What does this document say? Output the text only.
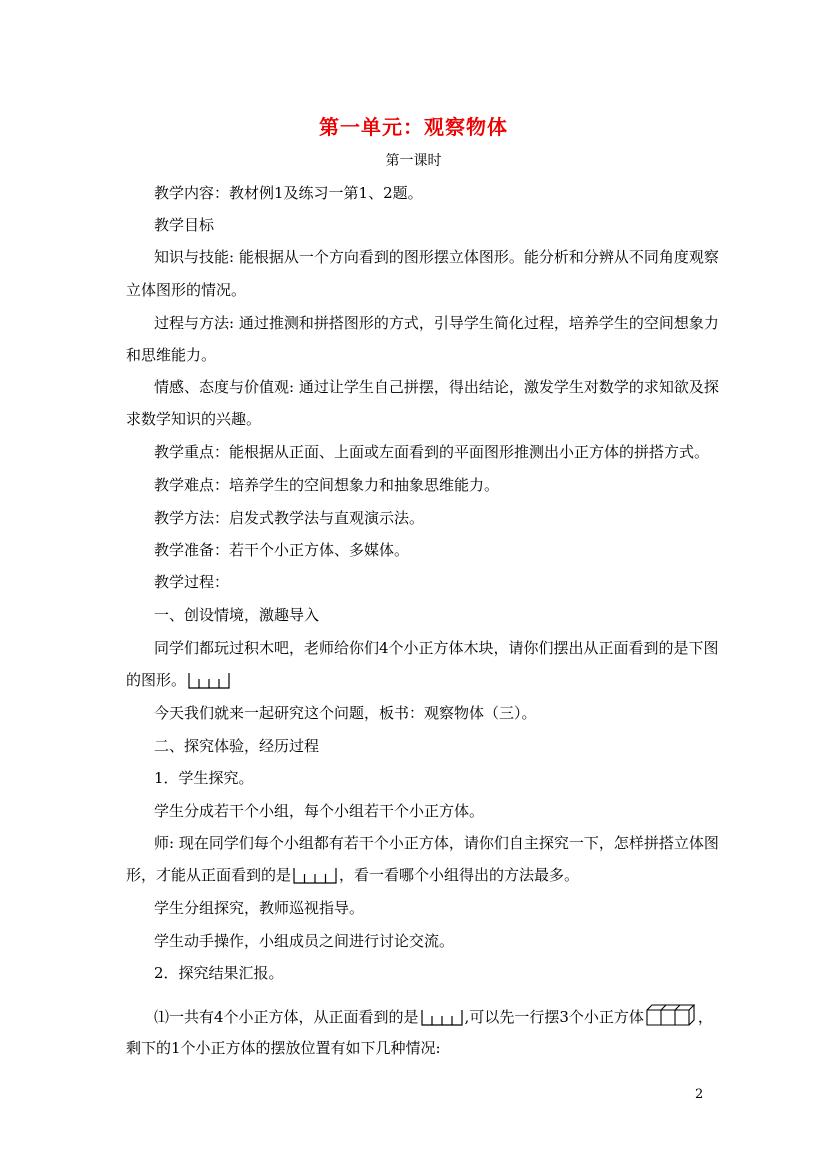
第一单元：观察物体
第一课时
教学内容：教材例1及练习一第1、2题。
教学目标
知识与技能: 能根据从一个方向看到的图形摆立体图形。能分析和分辨从不同角度观察
立体图形的情况。
过程与方法: 通过推测和拼搭图形的方式，引导学生简化过程，培养学生的空间想象力
和思维能力。
情感、态度与价值观: 通过让学生自己拼摆，得出结论，激发学生对数学的求知欲及探
求数学知识的兴趣。
教学重点：能根据从正面、上面或左面看到的平面图形推测出小正方体的拼搭方式。
教学难点：培养学生的空间想象力和抽象思维能力。
教学方法：启发式教学法与直观演示法。
教学准备：若干个小正方体、多媒体。
教学过程：
一、创设情境，激趣导入
同学们都玩过积木吧，老师给你们4个小正方体木块，请你们摆出从正面看到的是下图
的图形。
今天我们就来一起研究这个问题，板书：观察物体（三）。
二、探究体验，经历过程
1．学生探究。
学生分成若干个小组，每个小组若干个小正方体。
师: 现在同学们每个小组都有若干个小正方体，请你们自主探究一下，怎样拼搭立体图
形，才能从正面看到的是	，看一看哪个小组得出的方法最多。
学生分组探究，教师巡视指导。
学生动手操作，小组成员之间进行讨论交流。
2．探究结果汇报。
⑴一共有4个小正方体，从正面看到的是	,可以先一行摆3个小正方体	，
剩下的1个小正方体的摆放位置有如下几种情况:
2
